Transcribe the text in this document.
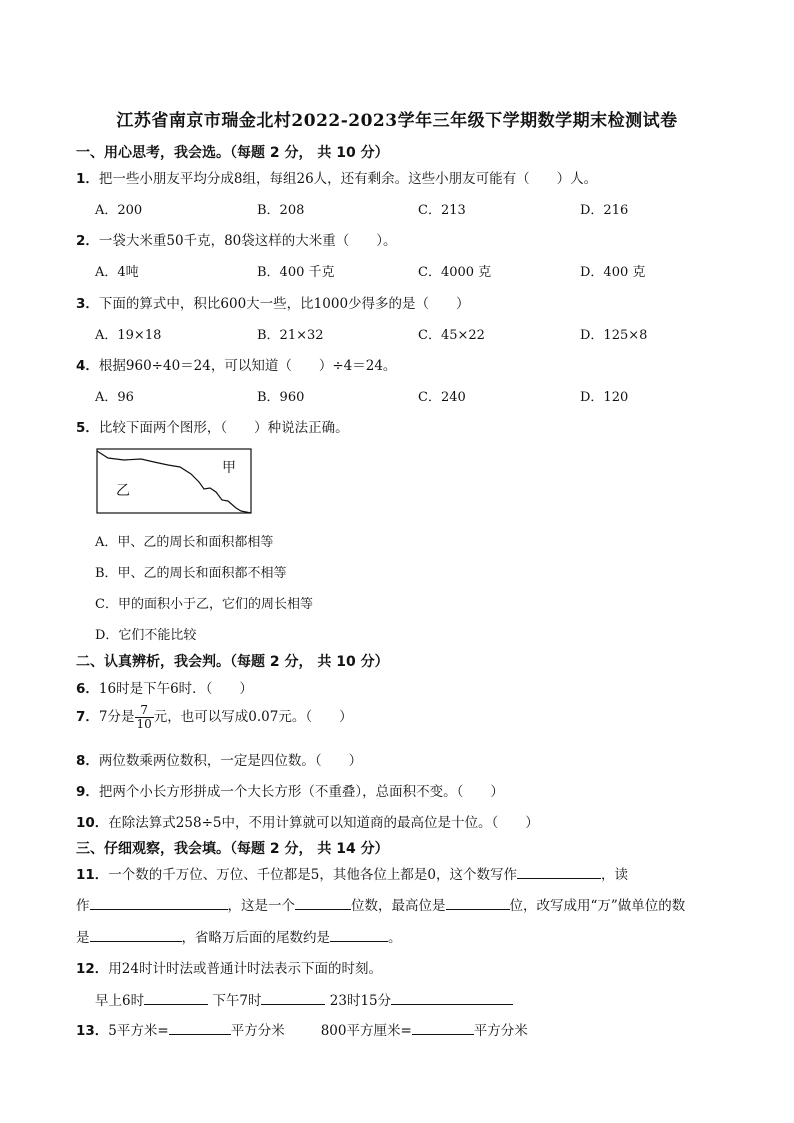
江苏省南京市瑞金北村2022-2023学年三年级下学期数学期末检测试卷
一、用心思考，我会选。（每题 2 分， 共 10 分）
1．把一些小朋友平均分成8组，每组26人，还有剩余。这些小朋友可能有（　　）人。
A．200	B．208	C．213	D．216
2．一袋大米重50千克，80袋这样的大米重（　　）。
A．4吨	B．400 千克	C．4000 克	D．400 克
3．下面的算式中，积比600大一些，比1000少得多的是（　　）
A．19×18	B．21×32	C．45×22	D．125×8
4．根据960÷40＝24，可以知道（　　）÷4＝24。
A．96	B．960	C．240	D．120
5．比较下面两个图形，（　　）种说法正确。
甲
乙
A．甲、乙的周长和面积都相等
B．甲、乙的周长和面积都不相等
C．甲的面积小于乙，它们的周长相等
D．它们不能比较
二、认真辨析，我会判。（每题 2 分， 共 10 分）
6．16时是下午6时．（　　）
7．7分是 $\frac{7}{10}$ 元，也可以写成0.07元。（　　）
8．两位数乘两位数积，一定是四位数。（　　）
9．把两个小长方形拼成一个大长方形（不重叠），总面积不变。（　　）
10．在除法算式258÷5中，不用计算就可以知道商的最高位是十位。（　　）
三、仔细观察，我会填。（每题 2 分， 共 14 分）
11．一个数的千万位、万位、千位都是5，其他各位上都是0，这个数写作	，读
作	，这是一个	位数，最高位是	位，改写成用“万”做单位的数
是	，省略万后面的尾数约是	。
12．用24时计时法或普通计时法表示下面的时刻。
早上6时	下午7时	23时15分
13．5平方米=	平方分米	800平方厘米=	平方分米
